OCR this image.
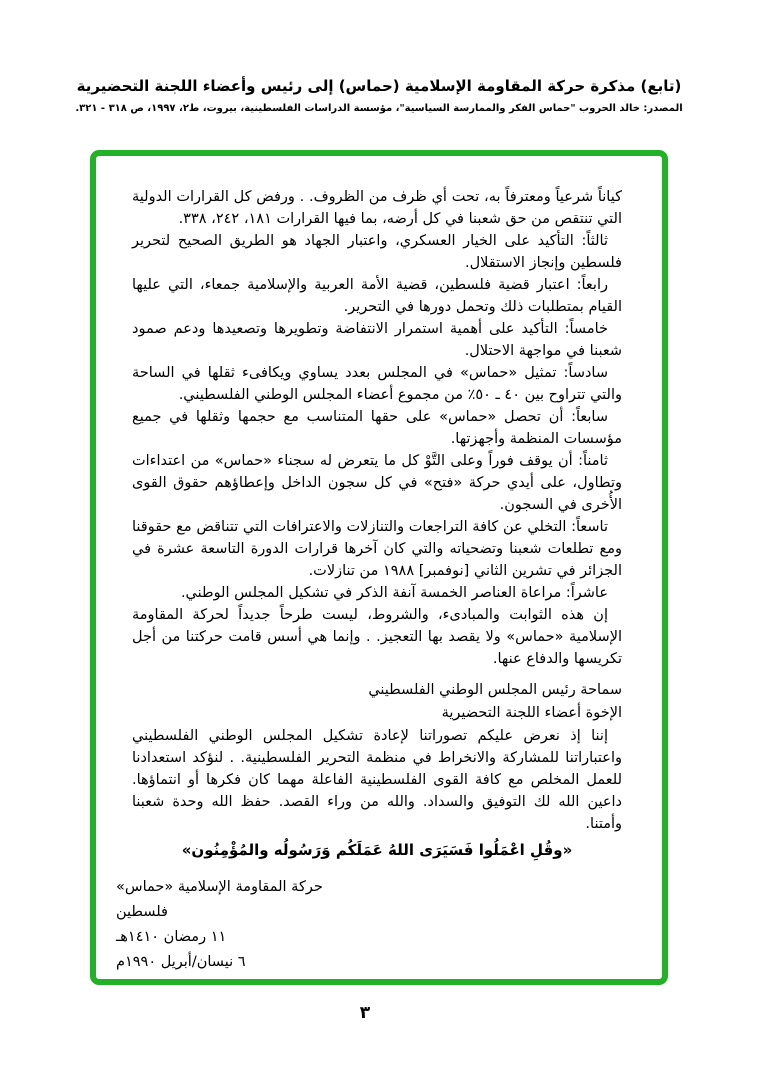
(تابع) مذكرة حركة المقاومة الإسلامية (حماس) إلى رئيس وأعضاء اللجنة التحضيرية
المصدر: خالد الحروب "حماس الفكر والممارسة السياسية"، مؤسسة الدراسات الفلسطينية، بيروت، ط٢، ١٩٩٧، ص ٣١٨ - ٣٢١.

كياناً شرعياً ومعترفاً به، تحت أي ظرف من الظروف. . ورفض كل القرارات الدولية التي تنتقص من حق شعبنا في كل أرضه، بما فيها القرارات ١٨١، ٢٤٢، ٣٣٨.

ثالثاً: التأكيد على الخيار العسكري، واعتبار الجهاد هو الطريق الصحيح لتحرير فلسطين وإنجاز الاستقلال.

رابعاً: اعتبار قضية فلسطين، قضية الأمة العربية والإسلامية جمعاء، التي عليها القيام بمتطلبات ذلك وتحمل دورها في التحرير.

خامساً: التأكيد على أهمية استمرار الانتفاضة وتطويرها وتصعيدها ودعم صمود شعبنا في مواجهة الاحتلال.

سادساً: تمثيل «حماس» في المجلس بعدد يساوي ويكافىء ثقلها في الساحة والتي تتراوح بين ٤٠ ـ ٥٠٪ من مجموع أعضاء المجلس الوطني الفلسطيني.

سابعاً: أن تحصل «حماس» على حقها المتناسب مع حجمها وثقلها في جميع مؤسسات المنظمة وأجهزتها.

ثامناً: أن يوقف فوراً وعلى التَّوْ كل ما يتعرض له سجناء «حماس» من اعتداءات وتطاول، على أيدي حركة «فتح» في كل سجون الداخل وإعطاؤهم حقوق القوى الأُخرى في السجون.

تاسعاً: التخلي عن كافة التراجعات والتنازلات والاعترافات التي تتناقض مع حقوقنا ومع تطلعات شعبنا وتضحياته والتي كان آخرها قرارات الدورة التاسعة عشرة في الجزائر في تشرين الثاني [نوفمبر] ١٩٨٨ من تنازلات.

عاشراً: مراعاة العناصر الخمسة آنفة الذكر في تشكيل المجلس الوطني.

إن هذه الثوابت والمبادىء، والشروط، ليست طرحاً جديداً لحركة المقاومة الإسلامية «حماس» ولا يقصد بها التعجيز. . وإنما هي أسس قامت حركتنا من أجل تكريسها والدفاع عنها.

سماحة رئيس المجلس الوطني الفلسطيني
الإخوة أعضاء اللجنة التحضيرية

إننا إذ نعرض عليكم تصوراتنا لإعادة تشكيل المجلس الوطني الفلسطيني واعتباراتنا للمشاركة والانخراط في منظمة التحرير الفلسطينية. . لنؤكد استعدادنا للعمل المخلص مع كافة القوى الفلسطينية الفاعلة مهما كان فكرها أو انتماؤها. داعين الله لك التوفيق والسداد. والله من وراء القصد. حفظ الله وحدة شعبنا وأمتنا.

«وقُلِ اعْمَلُوا فَسَيَرَى اللهُ عَمَلَكُم وَرَسُولُه والمُؤْمِنُون»
حركة المقاومة الإسلامية «حماس»
فلسطين
١١ رمضان ١٤١٠هـ
٦ نيسان/أبريل ١٩٩٠م
٣
